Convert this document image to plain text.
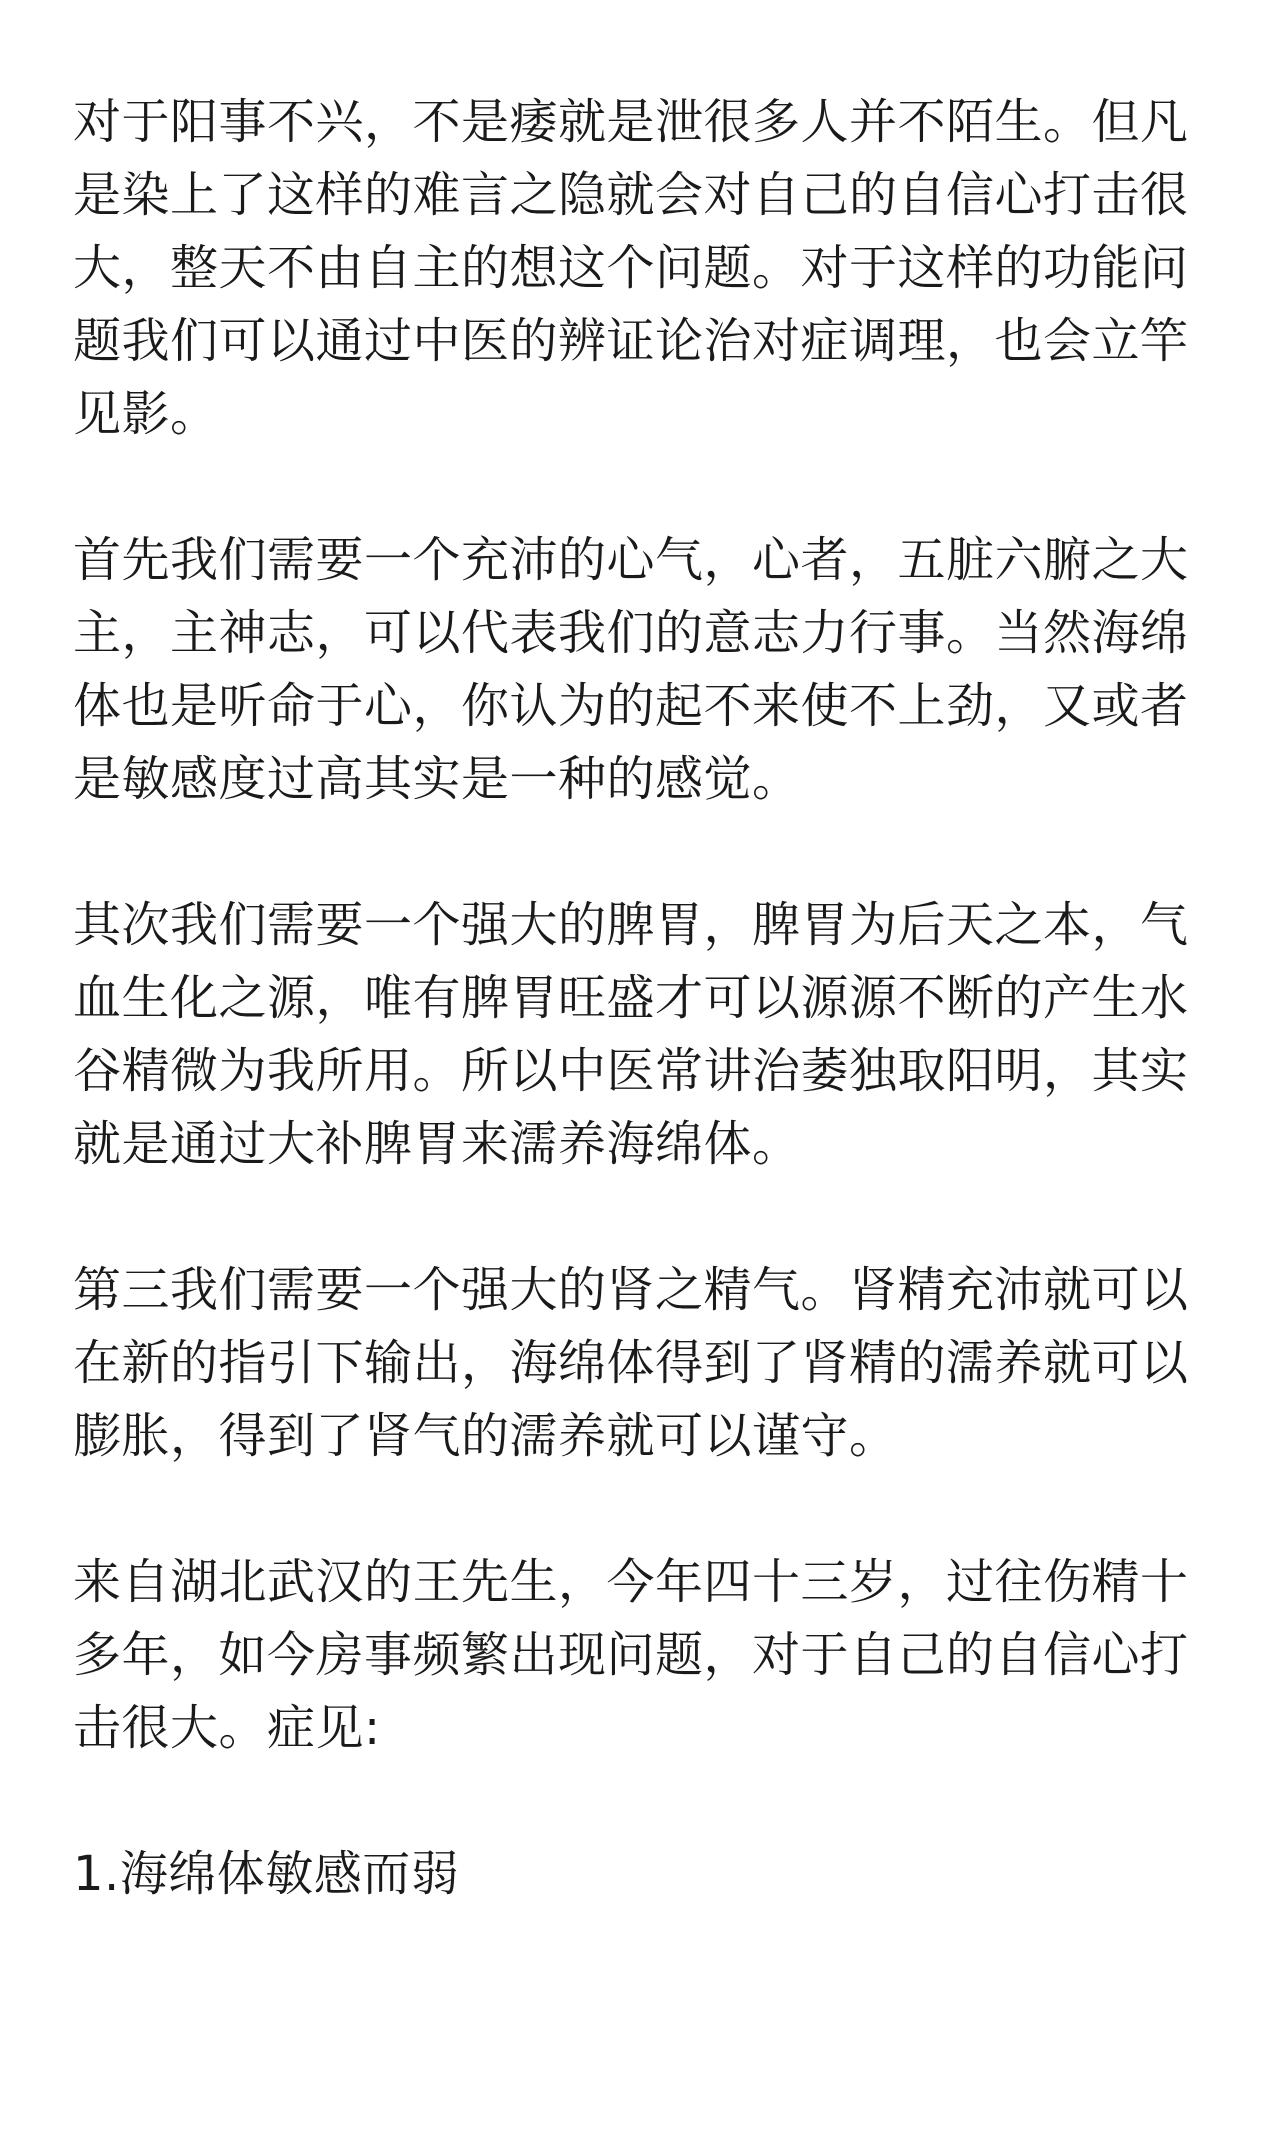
对于阳事不兴，不是痿就是泄很多人并不陌生。但凡是染上了这样的难言之隐就会对自己的自信心打击很大，整天不由自主的想这个问题。对于这样的功能问题我们可以通过中医的辨证论治对症调理，也会立竿见影。

首先我们需要一个充沛的心气，心者，五脏六腑之大主，主神志，可以代表我们的意志力行事。当然海绵体也是听命于心，你认为的起不来使不上劲，又或者是敏感度过高其实是一种的感觉。

其次我们需要一个强大的脾胃，脾胃为后天之本，气血生化之源，唯有脾胃旺盛才可以源源不断的产生水谷精微为我所用。所以中医常讲治萎独取阳明，其实就是通过大补脾胃来濡养海绵体。

第三我们需要一个强大的肾之精气。肾精充沛就可以在新的指引下输出，海绵体得到了肾精的濡养就可以膨胀，得到了肾气的濡养就可以谨守。

来自湖北武汉的王先生，今年四十三岁，过往伤精十多年，如今房事频繁出现问题，对于自己的自信心打击很大。症见:

1.海绵体敏感而弱
